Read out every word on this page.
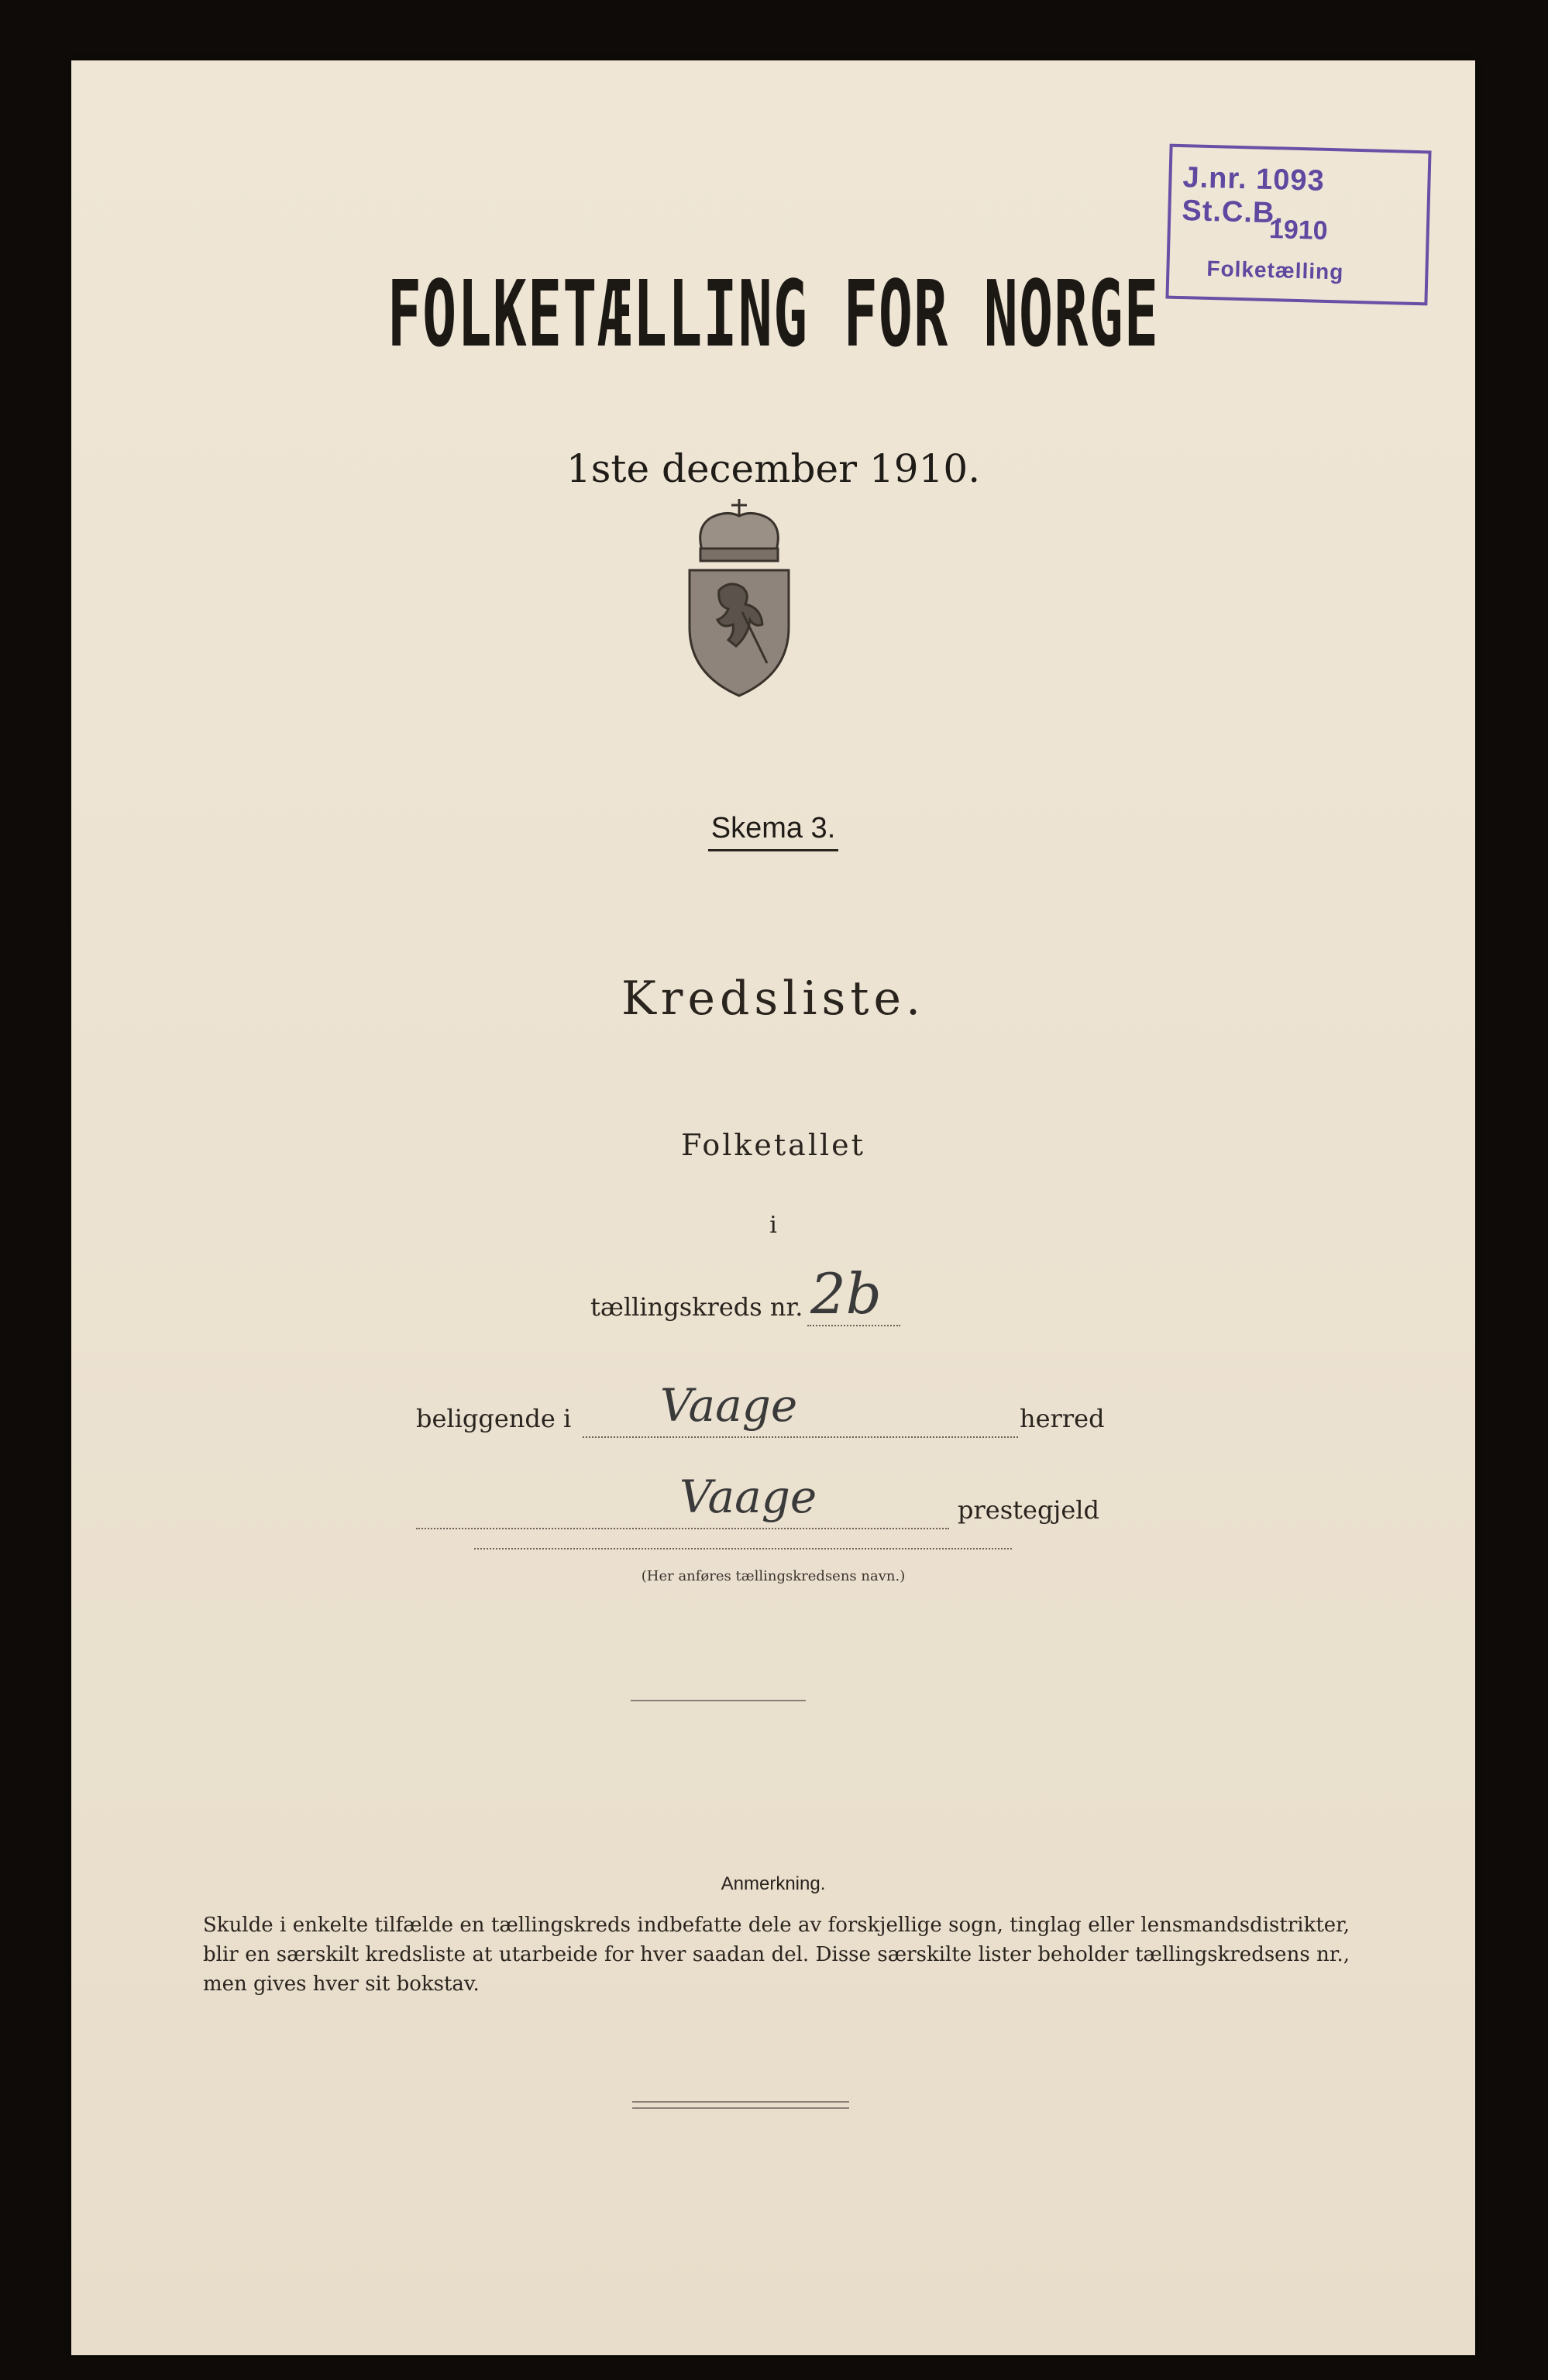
J.nr. 1093 St.C.B.
1910
Folketælling
FOLKETÆLLING FOR NORGE
1ste december 1910.
Skema 3.
Kredsliste.
Folketallet
i
tællingskreds nr. 2b
beliggende i Vaage	herred
Vaage	prestegjeld
(Her anføres tællingskredsens navn.)
Anmerkning.
Skulde i enkelte tilfælde en tællingskreds indbefatte dele av forskjellige sogn, tinglag eller lensmandsdistrikter, blir en særskilt kredsliste at utarbeide for hver saadan del. Disse særskilte lister beholder tællingskredsens nr., men gives hver sit bokstav.
